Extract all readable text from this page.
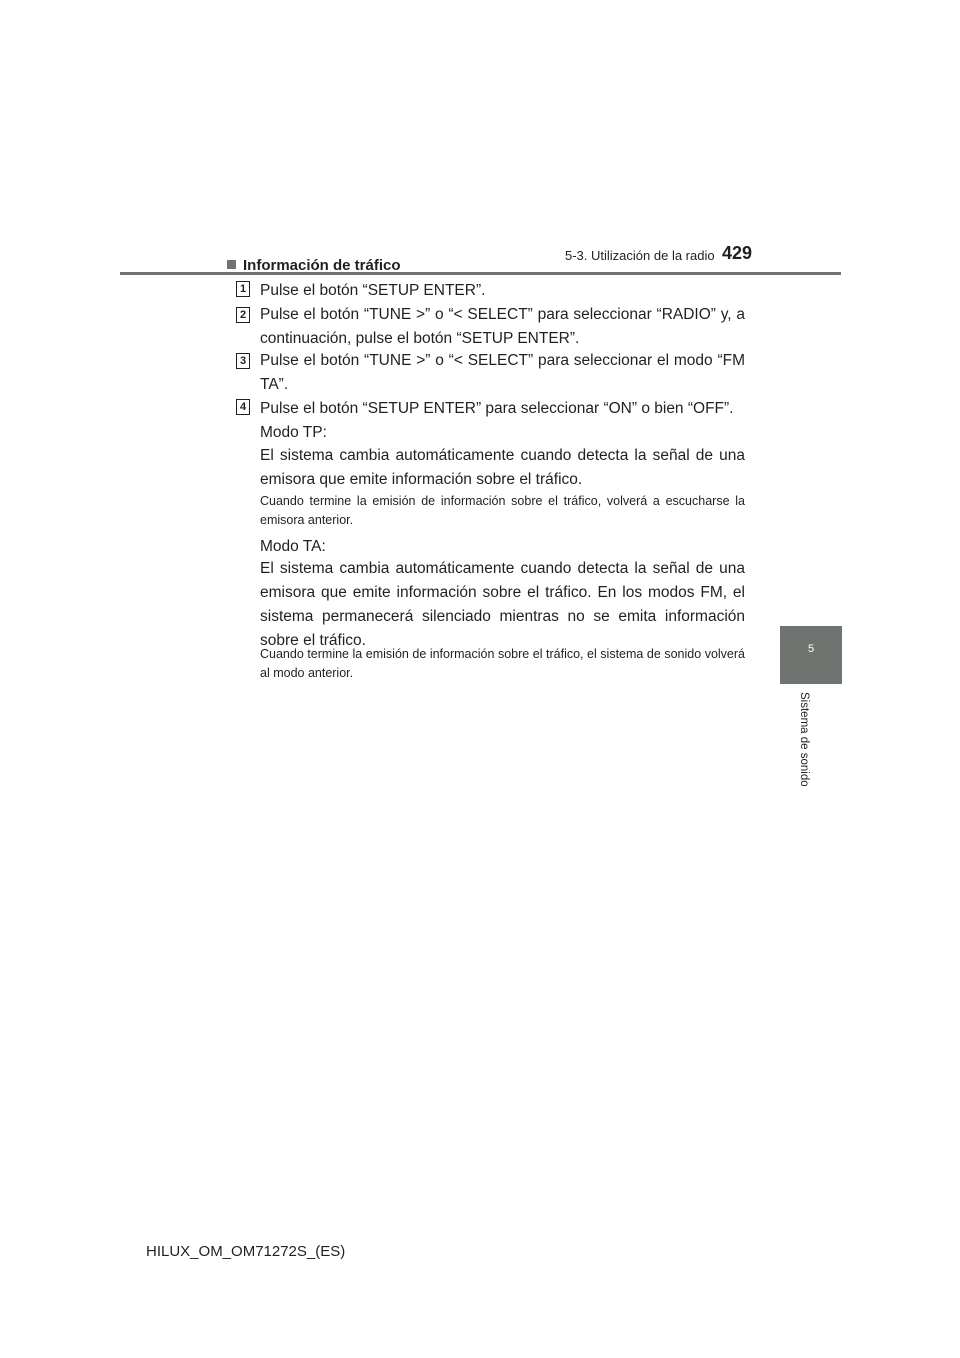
5-3. Utilización de la radio 429
Información de tráfico
1 Pulse el botón “SETUP ENTER”.
2 Pulse el botón “TUNE >” o “< SELECT” para seleccionar “RADIO” y, a continuación, pulse el botón “SETUP ENTER”.
3 Pulse el botón “TUNE >” o “< SELECT” para seleccionar el modo “FM TA”.
4 Pulse el botón “SETUP ENTER” para seleccionar “ON” o bien “OFF”.
Modo TP:
El sistema cambia automáticamente cuando detecta la señal de una emisora que emite información sobre el tráfico.
Cuando termine la emisión de información sobre el tráfico, volverá a escucharse la emisora anterior.
Modo TA:
El sistema cambia automáticamente cuando detecta la señal de una emisora que emite información sobre el tráfico. En los modos FM, el sistema permanecerá silenciado mientras no se emita información sobre el tráfico.
Cuando termine la emisión de información sobre el tráfico, el sistema de sonido volverá al modo anterior.
5
Sistema de sonido
HILUX_OM_OM71272S_(ES)
